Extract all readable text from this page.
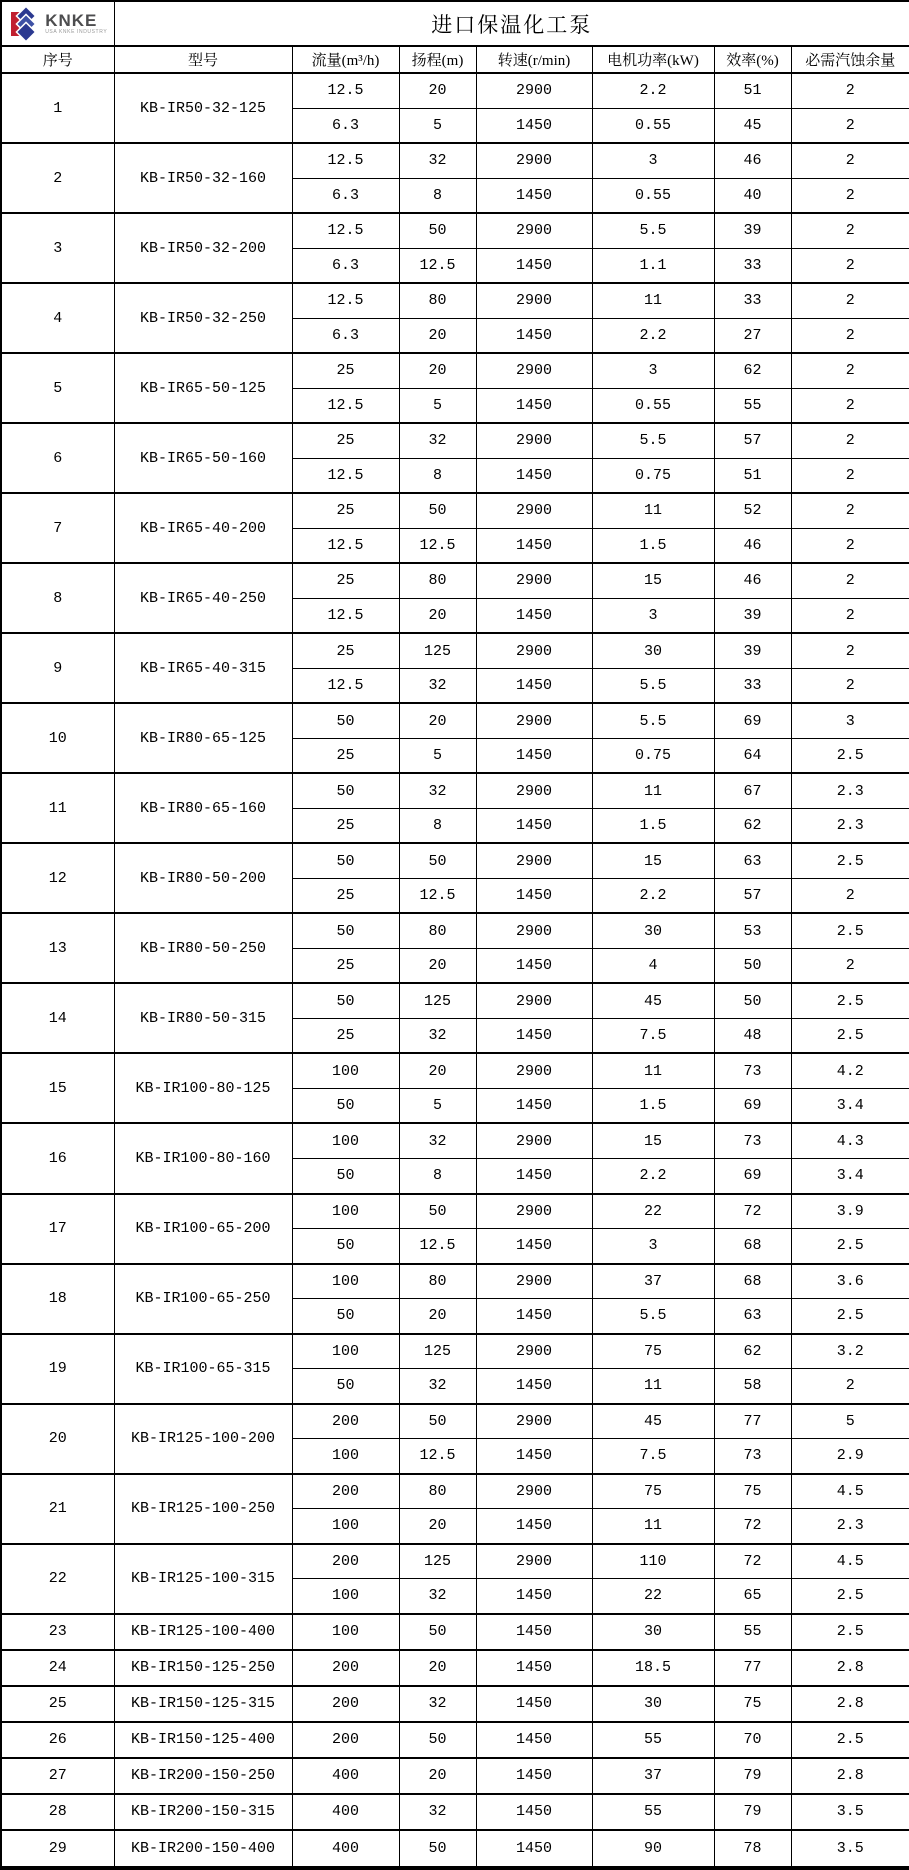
KNKE
USA KNKE INDUSTRY	进口保温化工泵						
序号	型号	流量(m³/h)	扬程(m)	转速(r/min)	电机功率(kW)	效率(%)	必需汽蚀余量
1	KB-IR50-32-125	12.5	20	2900	2.2	51	2
		6.3	5	1450	0.55	45	2
2	KB-IR50-32-160	12.5	32	2900	3	46	2
		6.3	8	1450	0.55	40	2
3	KB-IR50-32-200	12.5	50	2900	5.5	39	2
		6.3	12.5	1450	1.1	33	2
4	KB-IR50-32-250	12.5	80	2900	11	33	2
		6.3	20	1450	2.2	27	2
5	KB-IR65-50-125	25	20	2900	3	62	2
		12.5	5	1450	0.55	55	2
6	KB-IR65-50-160	25	32	2900	5.5	57	2
		12.5	8	1450	0.75	51	2
7	KB-IR65-40-200	25	50	2900	11	52	2
		12.5	12.5	1450	1.5	46	2
8	KB-IR65-40-250	25	80	2900	15	46	2
		12.5	20	1450	3	39	2
9	KB-IR65-40-315	25	125	2900	30	39	2
		12.5	32	1450	5.5	33	2
10	KB-IR80-65-125	50	20	2900	5.5	69	3
		25	5	1450	0.75	64	2.5
11	KB-IR80-65-160	50	32	2900	11	67	2.3
		25	8	1450	1.5	62	2.3
12	KB-IR80-50-200	50	50	2900	15	63	2.5
		25	12.5	1450	2.2	57	2
13	KB-IR80-50-250	50	80	2900	30	53	2.5
		25	20	1450	4	50	2
14	KB-IR80-50-315	50	125	2900	45	50	2.5
		25	32	1450	7.5	48	2.5
15	KB-IR100-80-125	100	20	2900	11	73	4.2
		50	5	1450	1.5	69	3.4
16	KB-IR100-80-160	100	32	2900	15	73	4.3
		50	8	1450	2.2	69	3.4
17	KB-IR100-65-200	100	50	2900	22	72	3.9
		50	12.5	1450	3	68	2.5
18	KB-IR100-65-250	100	80	2900	37	68	3.6
		50	20	1450	5.5	63	2.5
19	KB-IR100-65-315	100	125	2900	75	62	3.2
		50	32	1450	11	58	2
20	KB-IR125-100-200	200	50	2900	45	77	5
		100	12.5	1450	7.5	73	2.9
21	KB-IR125-100-250	200	80	2900	75	75	4.5
		100	20	1450	11	72	2.3
22	KB-IR125-100-315	200	125	2900	110	72	4.5
		100	32	1450	22	65	2.5
23	KB-IR125-100-400	100	50	1450	30	55	2.5
24	KB-IR150-125-250	200	20	1450	18.5	77	2.8
25	KB-IR150-125-315	200	32	1450	30	75	2.8
26	KB-IR150-125-400	200	50	1450	55	70	2.5
27	KB-IR200-150-250	400	20	1450	37	79	2.8
28	KB-IR200-150-315	400	32	1450	55	79	3.5
29	KB-IR200-150-400	400	50	1450	90	78	3.5
